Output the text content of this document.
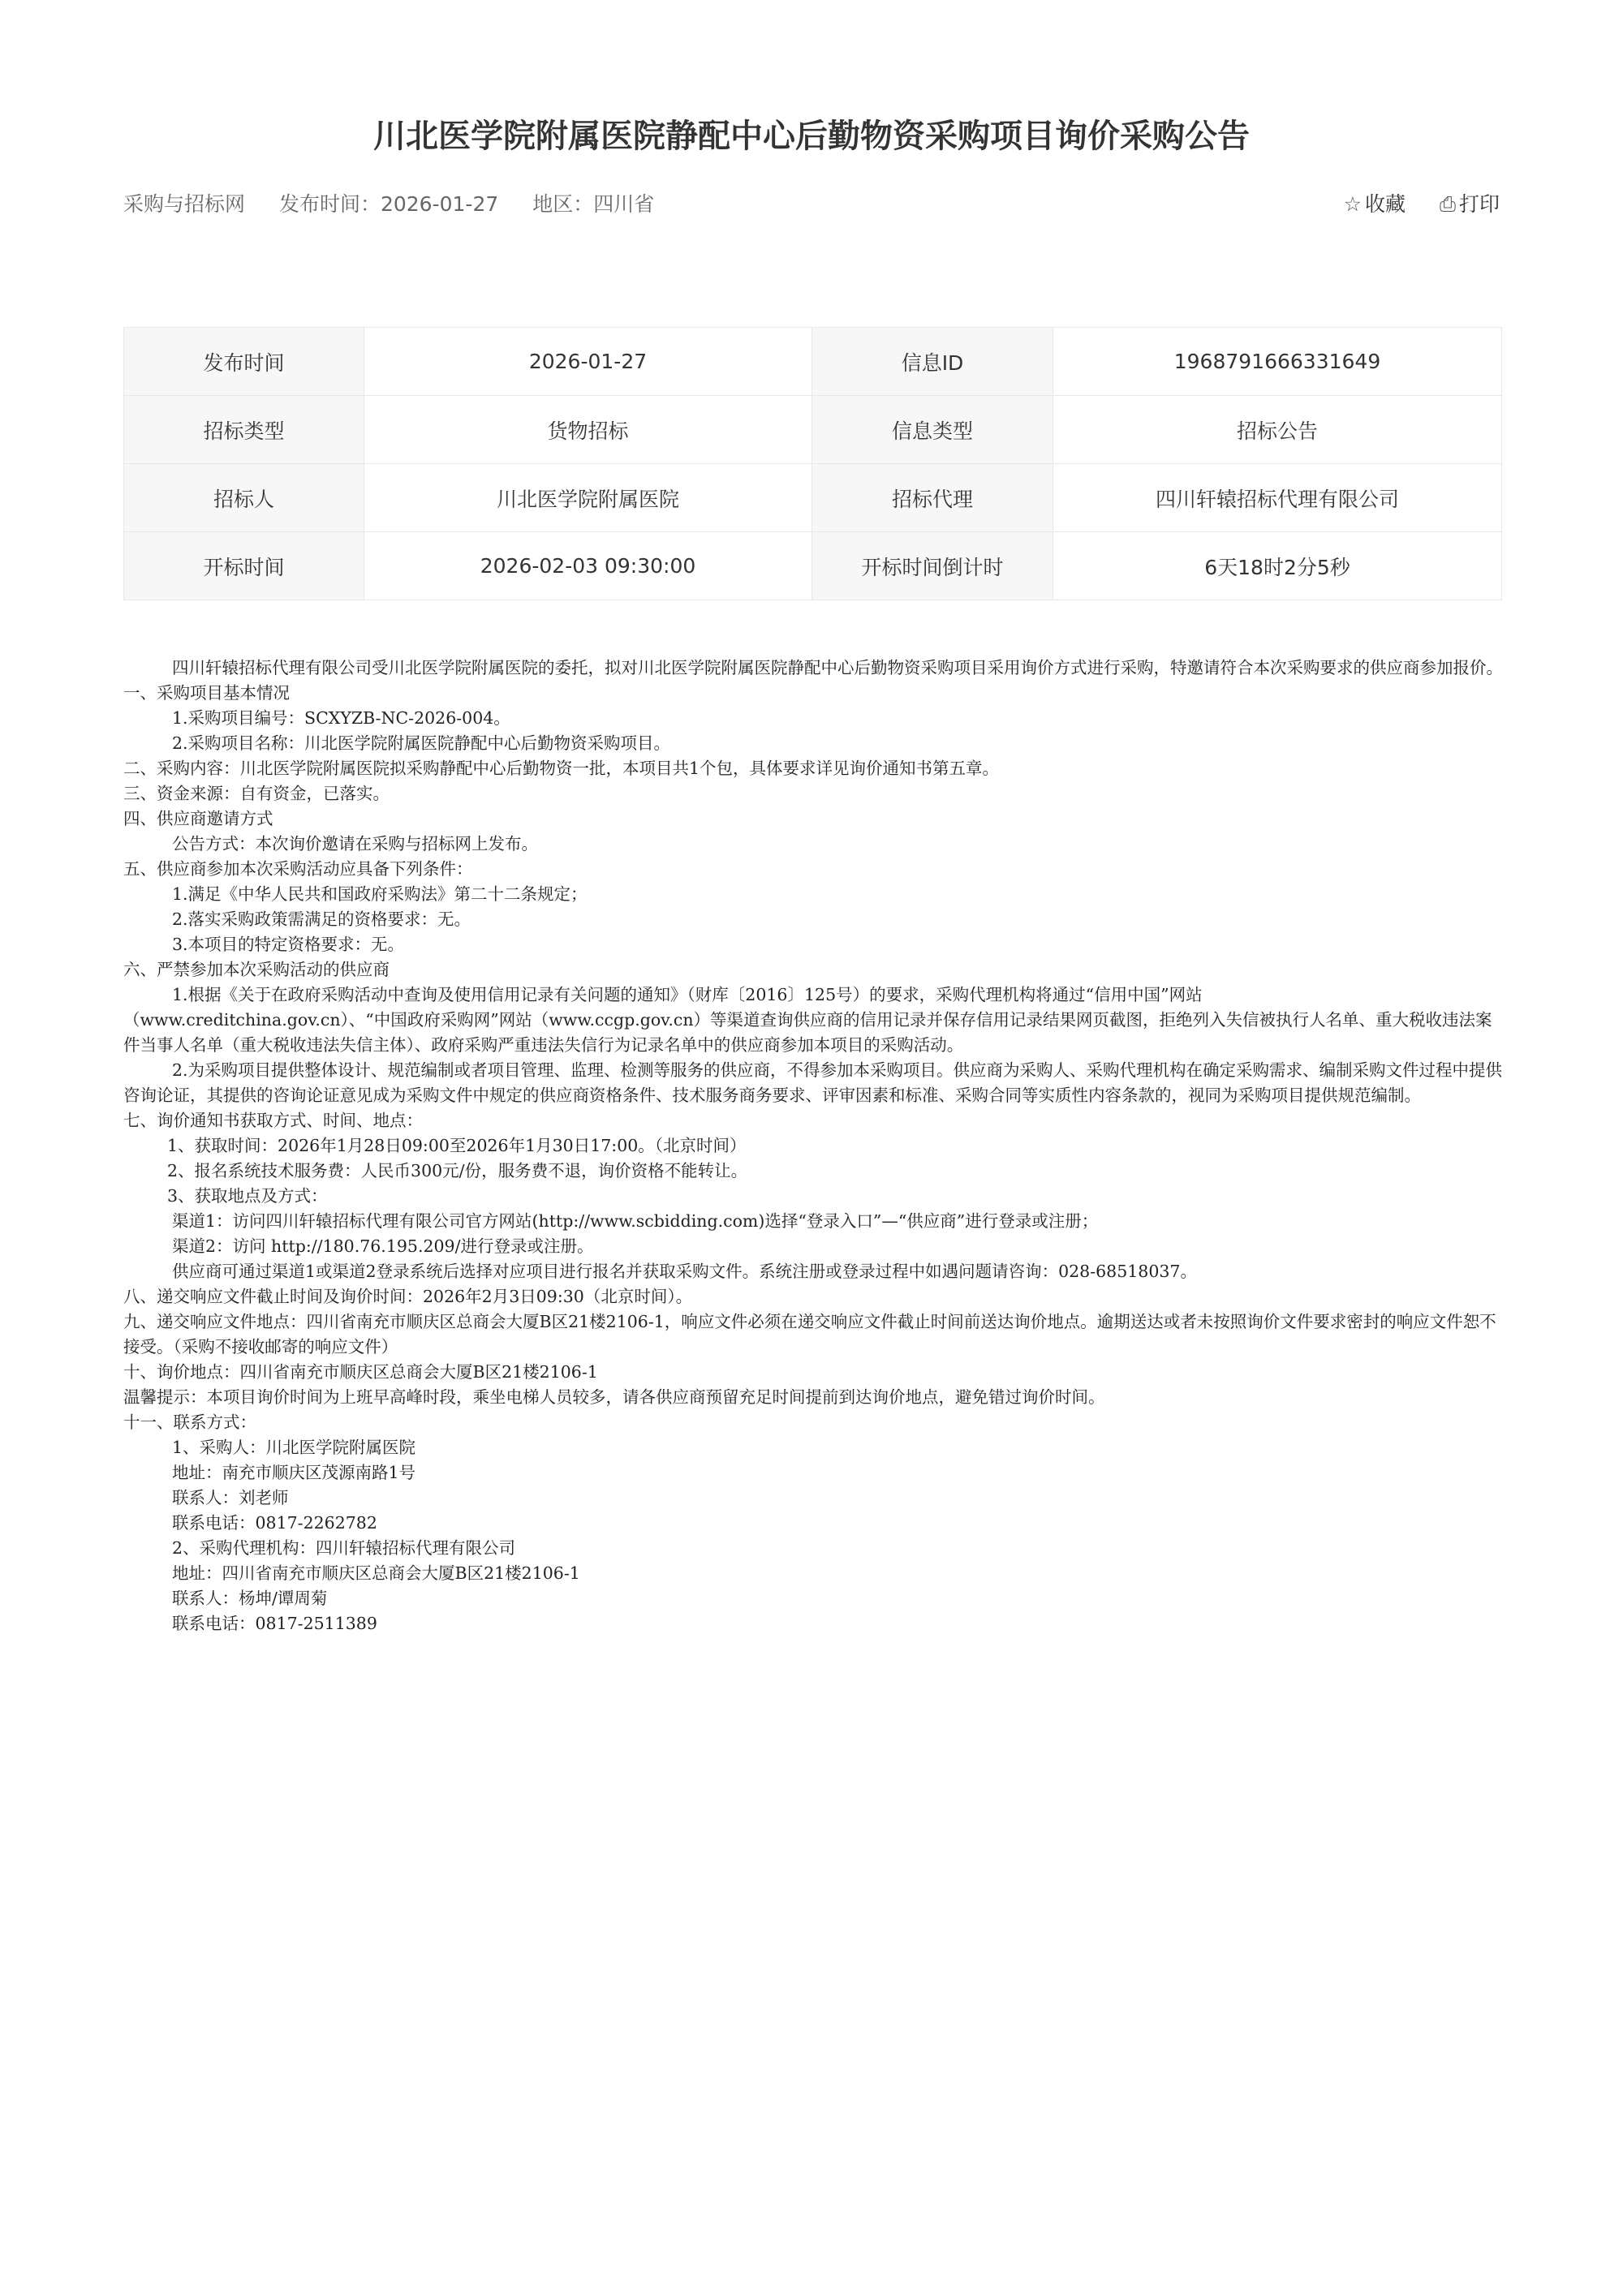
川北医学院附属医院静配中心后勤物资采购项目询价采购公告
采购与招标网 发布时间：2026-01-27 地区：四川省	☆ 收藏 ⎙ 打印
发布时间	2026-01-27	信息ID	1968791666331649
招标类型	货物招标	信息类型	招标公告
招标人	川北医学院附属医院	招标代理	四川轩辕招标代理有限公司
开标时间	2026-02-03 09:30:00	开标时间倒计时	6天18时2分5秒

四川轩辕招标代理有限公司受川北医学院附属医院的委托，拟对川北医学院附属医院静配中心后勤物资采购项目采用询价方式进行采购，特邀请符合本次采购要求的供应商参加报价。

一、采购项目基本情况

1.采购项目编号：SCXYZB-NC-2026-004。

2.采购项目名称：川北医学院附属医院静配中心后勤物资采购项目。

二、采购内容：川北医学院附属医院拟采购静配中心后勤物资一批，本项目共1个包，具体要求详见询价通知书第五章。

三、资金来源：自有资金，已落实。

四、供应商邀请方式

公告方式：本次询价邀请在采购与招标网上发布。

五、供应商参加本次采购活动应具备下列条件：

1.满足《中华人民共和国政府采购法》第二十二条规定；

2.落实采购政策需满足的资格要求：无。

3.本项目的特定资格要求：无。

六、严禁参加本次采购活动的供应商

1.根据《关于在政府采购活动中查询及使用信用记录有关问题的通知》（财库〔2016〕125号）的要求，采购代理机构将通过“信用中国”网站

（www.creditchina.gov.cn）、“中国政府采购网”网站（www.ccgp.gov.cn）等渠道查询供应商的信用记录并保存信用记录结果网页截图，拒绝列入失信被执行人名单、重大税收违法案件当事人名单（重大税收违法失信主体）、政府采购严重违法失信行为记录名单中的供应商参加本项目的采购活动。

2.为采购项目提供整体设计、规范编制或者项目管理、监理、检测等服务的供应商，不得参加本采购项目。供应商为采购人、采购代理机构在确定采购需求、编制采购文件过程中提供咨询论证，其提供的咨询论证意见成为采购文件中规定的供应商资格条件、技术服务商务要求、评审因素和标准、采购合同等实质性内容条款的，视同为采购项目提供规范编制。

七、询价通知书获取方式、时间、地点：

1、获取时间：2026年1月28日09:00至2026年1月30日17:00。（北京时间）

2、报名系统技术服务费：人民币300元/份，服务费不退，询价资格不能转让。

3、获取地点及方式：

渠道1：访问四川轩辕招标代理有限公司官方网站(http://www.scbidding.com)选择“登录入口”—“供应商”进行登录或注册；

渠道2：访问 http://180.76.195.209/进行登录或注册。

供应商可通过渠道1或渠道2登录系统后选择对应项目进行报名并获取采购文件。系统注册或登录过程中如遇问题请咨询：028-68518037。

八、递交响应文件截止时间及询价时间：2026年2月3日09:30（北京时间）。

九、递交响应文件地点：四川省南充市顺庆区总商会大厦B区21楼2106-1，响应文件必须在递交响应文件截止时间前送达询价地点。逾期送达或者未按照询价文件要求密封的响应文件恕不接受。（采购不接收邮寄的响应文件）

十、询价地点：四川省南充市顺庆区总商会大厦B区21楼2106-1

温馨提示：本项目询价时间为上班早高峰时段，乘坐电梯人员较多，请各供应商预留充足时间提前到达询价地点，避免错过询价时间。

十一、联系方式：

1、采购人：川北医学院附属医院

地址：南充市顺庆区茂源南路1号

联系人：刘老师

联系电话：0817-2262782

2、采购代理机构：四川轩辕招标代理有限公司

地址：四川省南充市顺庆区总商会大厦B区21楼2106-1

联系人：杨坤/谭周菊

联系电话：0817-2511389
